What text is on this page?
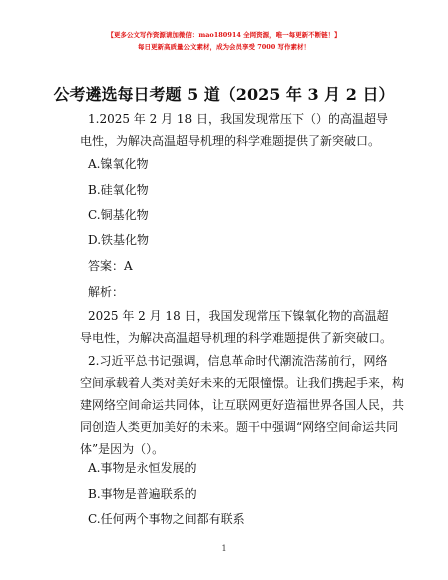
【更多公文写作资源请加微信：mao180914 全网资源，唯一每更新不断链！】
每日更新高质量公文素材，成为会员享受 7000 写作素材！
公考遴选每日考题 5 道（2025 年 3 月 2 日）
1.2025 年 2 月 18 日，我国发现常压下（）的高温超导
电性，为解决高温超导机理的科学难题提供了新突破口。
A.镍氧化物
B.硅氧化物
C.铜基化物
D.铁基化物
答案：A
解析：
2025 年 2 月 18 日，我国发现常压下镍氧化物的高温超
导电性，为解决高温超导机理的科学难题提供了新突破口。
2.习近平总书记强调，信息革命时代潮流浩荡前行，网络
空间承载着人类对美好未来的无限憧憬。让我们携起手来，构
建网络空间命运共同体，让互联网更好造福世界各国人民，共
同创造人类更加美好的未来。题干中强调“网络空间命运共同
体”是因为（）。
A.事物是永恒发展的
B.事物是普遍联系的
C.任何两个事物之间都有联系
1
